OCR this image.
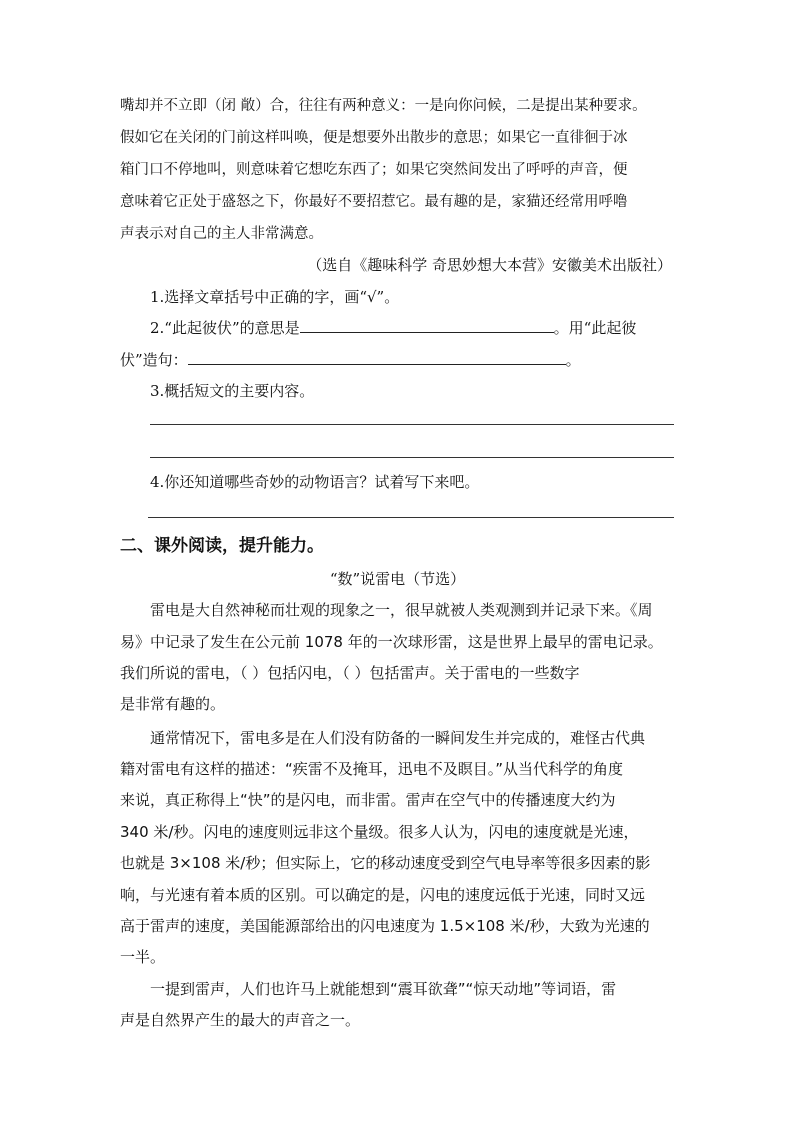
嘴却并不立即（闭 敞）合，往往有两种意义：一是向你问候，二是提出某种要求。
假如它在关闭的门前这样叫唤，便是想要外出散步的意思；如果它一直徘徊于冰
箱门口不停地叫，则意味着它想吃东西了；如果它突然间发出了呼呼的声音，便
意味着它正处于盛怒之下，你最好不要招惹它。最有趣的是，家猫还经常用呼噜
声表示对自己的主人非常满意。
（选自《趣味科学 奇思妙想大本营》安徽美术出版社）
1.选择文章括号中正确的字，画“√”。
2.“此起彼伏”的意思是	。用“此起彼
伏”造句：	。
3.概括短文的主要内容。
4.你还知道哪些奇妙的动物语言？试着写下来吧。
二、课外阅读，提升能力。
“数”说雷电（节选）
雷电是大自然神秘而壮观的现象之一，很早就被人类观测到并记录下来。《周
易》中记录了发生在公元前 1078 年的一次球形雷，这是世界上最早的雷电记录。
我们所说的雷电，（ ）包括闪电，（ ）包括雷声。关于雷电的一些数字
是非常有趣的。
通常情况下，雷电多是在人们没有防备的一瞬间发生并完成的，难怪古代典
籍对雷电有这样的描述：“疾雷不及掩耳，迅电不及瞑目。”从当代科学的角度
来说，真正称得上“快”的是闪电，而非雷。雷声在空气中的传播速度大约为
340 米/秒。闪电的速度则远非这个量级。很多人认为，闪电的速度就是光速，
也就是 3×108 米/秒；但实际上，它的移动速度受到空气电导率等很多因素的影
响，与光速有着本质的区别。可以确定的是，闪电的速度远低于光速，同时又远
高于雷声的速度，美国能源部给出的闪电速度为 1.5×108 米/秒，大致为光速的
一半。
一提到雷声，人们也许马上就能想到“震耳欲聋”“惊天动地”等词语，雷
声是自然界产生的最大的声音之一。
